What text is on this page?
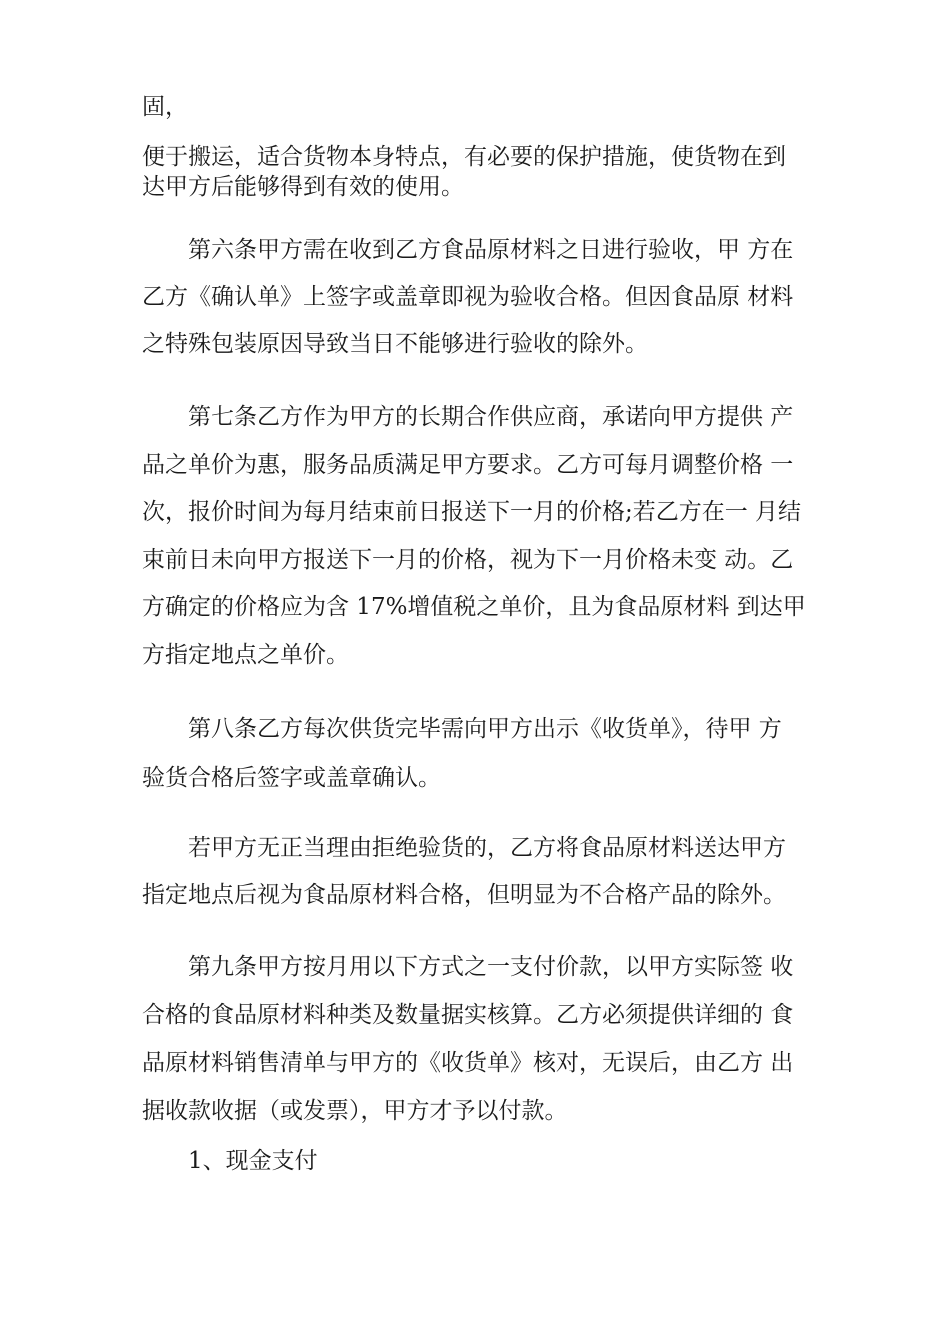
固，
便于搬运，适合货物本身特点，有必要的保护措施，使货物在到
达甲方后能够得到有效的使用。
　　第六条甲方需在收到乙方食品原材料之日进行验收，甲 方在
乙方《确认单》上签字或盖章即视为验收合格。但因食品原 材料
之特殊包装原因导致当日不能够进行验收的除外。
　　第七条乙方作为甲方的长期合作供应商，承诺向甲方提供 产
品之单价为惠，服务品质满足甲方要求。乙方可每月调整价格 一
次，报价时间为每月结束前日报送下一月的价格;若乙方在一 月结
束前日未向甲方报送下一月的价格，视为下一月价格未变 动。乙
方确定的价格应为含 17%增值税之单价，且为食品原材料 到达甲
方指定地点之单价。
　　第八条乙方每次供货完毕需向甲方出示《收货单》，待甲 方
验货合格后签字或盖章确认。
　　若甲方无正当理由拒绝验货的，乙方将食品原材料送达甲方
指定地点后视为食品原材料合格，但明显为不合格产品的除外。
　　第九条甲方按月用以下方式之一支付价款，以甲方实际签 收
合格的食品原材料种类及数量据实核算。乙方必须提供详细的 食
品原材料销售清单与甲方的《收货单》核对，无误后，由乙方 出
据收款收据（或发票），甲方才予以付款。
　　1、现金支付
